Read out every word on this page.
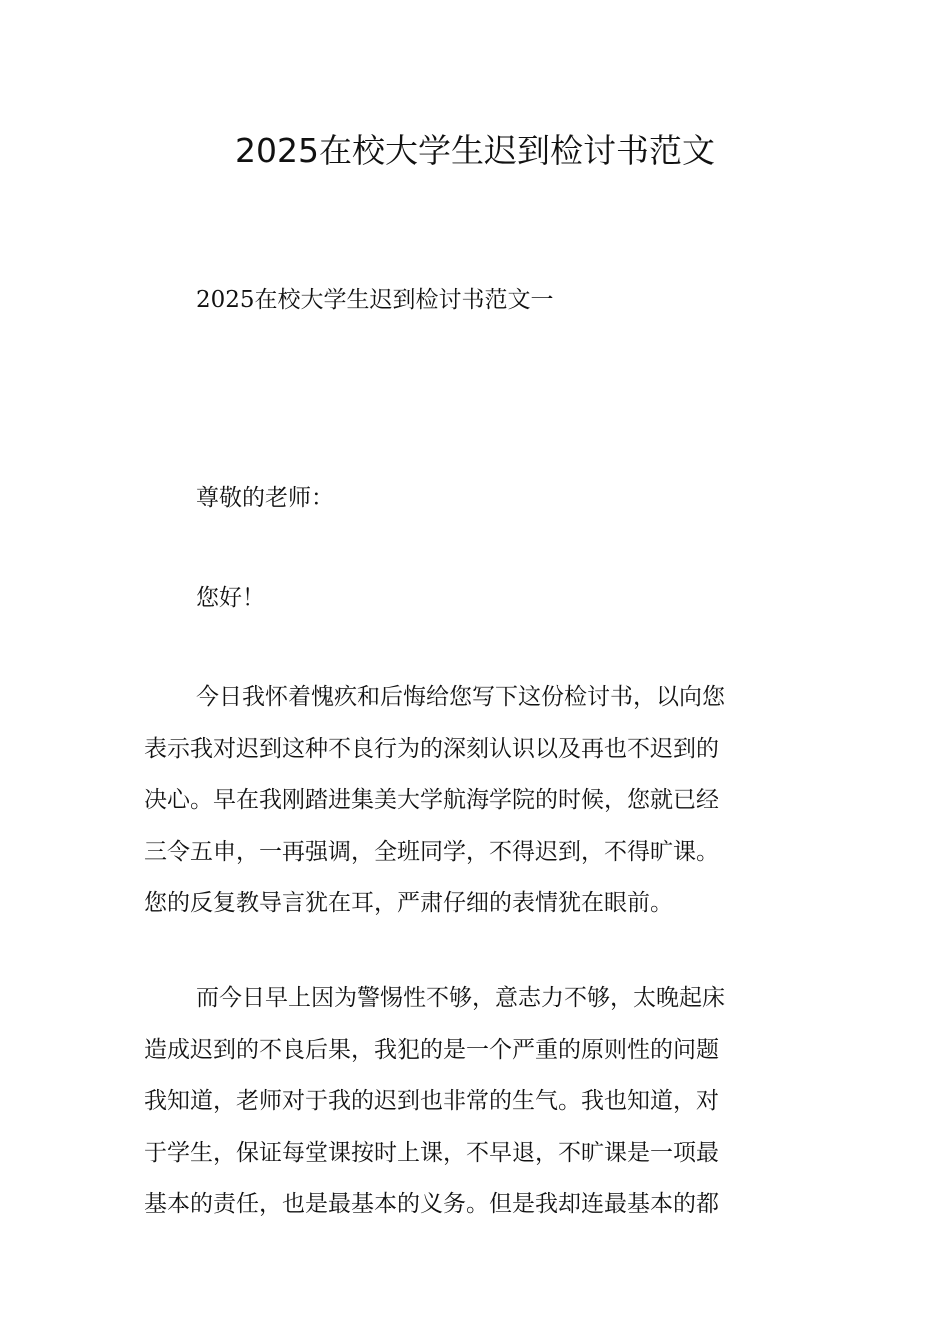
2025在校大学生迟到检讨书范文

2025在校大学生迟到检讨书范文一

尊敬的老师：

您好！

今日我怀着愧疚和后悔给您写下这份检讨书，以向您
表示我对迟到这种不良行为的深刻认识以及再也不迟到的
决心。早在我刚踏进集美大学航海学院的时候，您就已经
三令五申，一再强调，全班同学，不得迟到，不得旷课。
您的反复教导言犹在耳，严肃仔细的表情犹在眼前。
而今日早上因为警惕性不够，意志力不够，太晚起床
造成迟到的不良后果，我犯的是一个严重的原则性的问题
我知道，老师对于我的迟到也非常的生气。我也知道，对
于学生，保证每堂课按时上课，不早退，不旷课是一项最
基本的责任，也是最基本的义务。但是我却连最基本的都
